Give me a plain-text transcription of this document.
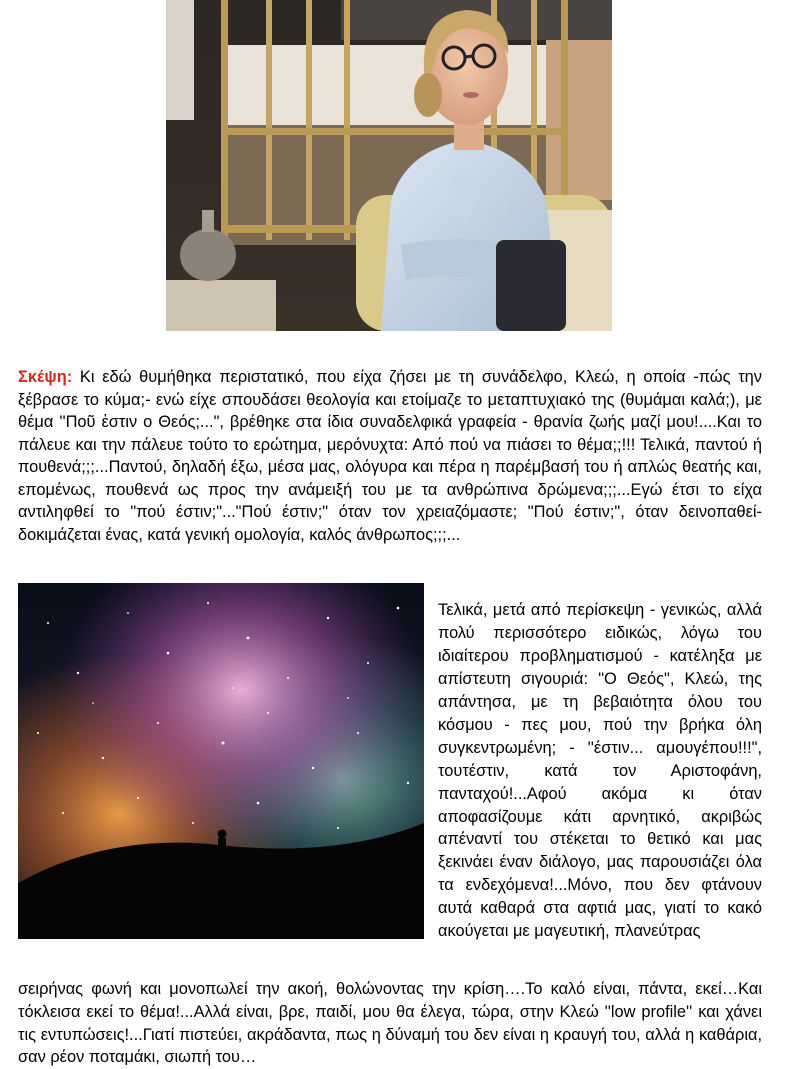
Σκέψη: Κι εδώ θυμήθηκα περιστατικό, που είχα ζήσει με τη συνάδελφο, Κλεώ, η οποία -πώς την ξέβρασε το κύμα;- ενώ είχε σπουδάσει θεολογία και ετοίμαζε το μεταπτυχιακό της (θυμάμαι καλά;), με θέμα ''Ποῦ ἐστιν ο Θεός;...", βρέθηκε στα ίδια συναδελφικά γραφεία - θρανία ζωής μαζί μου!....Και το πάλευε και την πάλευε τούτο το ερώτημα, μερόνυχτα: Από πού να πιάσει το θέμα;;!!! Τελικά, παντού ή πουθενά;;;...Παντού, δηλαδή έξω, μέσα μας, ολόγυρα και πέρα η παρέμβασή του ή απλώς θεατής και, επομένως, πουθενά ως προς την ανάμειξή του με τα ανθρώπινα δρώμενα;;;...Εγώ έτσι το είχα αντιληφθεί το "πού έστιν;"..."Πού έστιν;" όταν τον χρειαζόμαστε; "Πού έστιν;", όταν δεινοπαθεί-δοκιμάζεται ένας, κατά γενική ομολογία, καλός άνθρωπος;;;...

Τελικά, μετά από περίσκεψη - γενικώς, αλλά πολύ περισσότερο ειδικώς, λόγω του ιδιαίτερου προβληματισμού - κατέληξα με απίστευτη σιγουριά: "Ο Θεός", Κλεώ, της απάντησα, με τη βεβαιότητα όλου του κόσμου - πες μου, πού την βρήκα όλη συγκεντρωμένη; - ''έστιν... αμουγέπου!!!", τουτέστιν, κατά τον Αριστοφάνη, πανταχού!...Αφού ακόμα κι όταν αποφασίζουμε κάτι αρνητικό, ακριβώς απέναντί του στέκεται το θετικό και μας ξεκινάει έναν διάλογο, μας παρουσιάζει όλα τα ενδεχόμενα!...Μόνο, που δεν φτάνουν αυτά καθαρά στα αφτιά μας, γιατί το κακό ακούγεται με μαγευτική, πλανεύτρας

σειρήνας φωνή και μονοπωλεί την ακοή, θολώνοντας την κρίση….Το καλό είναι, πάντα, εκεί…Και τόκλεισα εκεί το θέμα!...Αλλά είναι, βρε, παιδί, μου θα έλεγα, τώρα, στην Κλεώ ''low profile'' και χάνει τις εντυπώσεις!...Γιατί πιστεύει, ακράδαντα, πως η δύναμή του δεν είναι η κραυγή του, αλλά η καθάρια, σαν ρέον ποταμάκι, σιωπή του…
